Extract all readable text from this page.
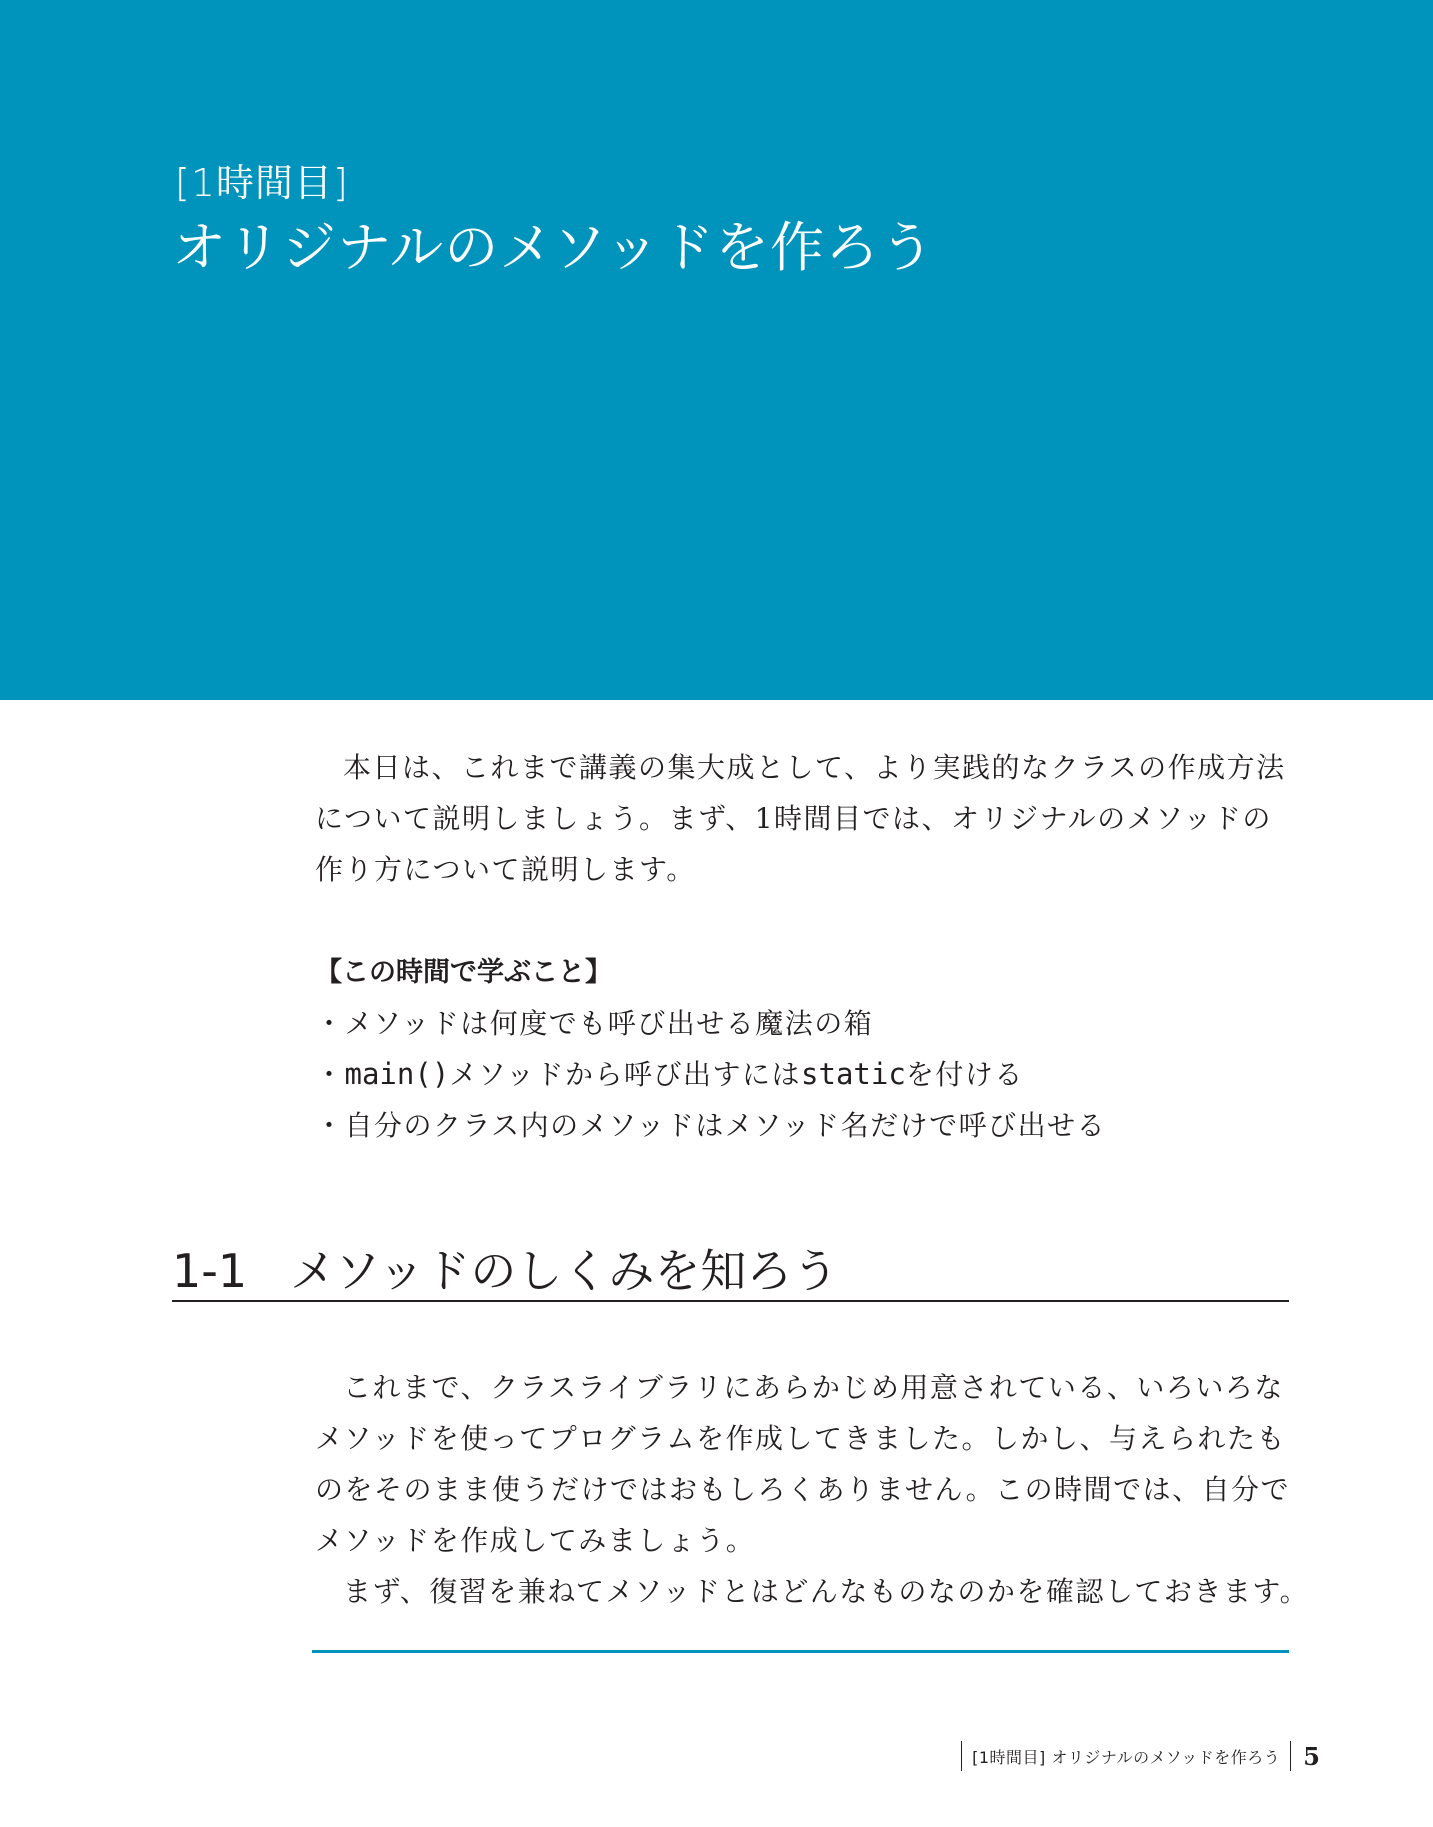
[1時間目]
オリジナルのメソッドを作ろう

本日は、これまで講義の集大成として、より実践的なクラスの作成方法
について説明しましょう。まず、1時間目では、オリジナルのメソッドの
作り方について説明します。

【この時間で学ぶこと】
・メソッドは何度でも呼び出せる魔法の箱
・main()メソッドから呼び出すにはstaticを付ける
・自分のクラス内のメソッドはメソッド名だけで呼び出せる
1-1 メソッドのしくみを知ろう

これまで、クラスライブラリにあらかじめ用意されている、いろいろな
メソッドを使ってプログラムを作成してきました。しかし、与えられたも
のをそのまま使うだけではおもしろくありません。この時間では、自分で
メソッドを作成してみましょう。
まず、復習を兼ねてメソッドとはどんなものなのかを確認しておきます。

[1時間目] オリジナルのメソッドを作ろう 5
